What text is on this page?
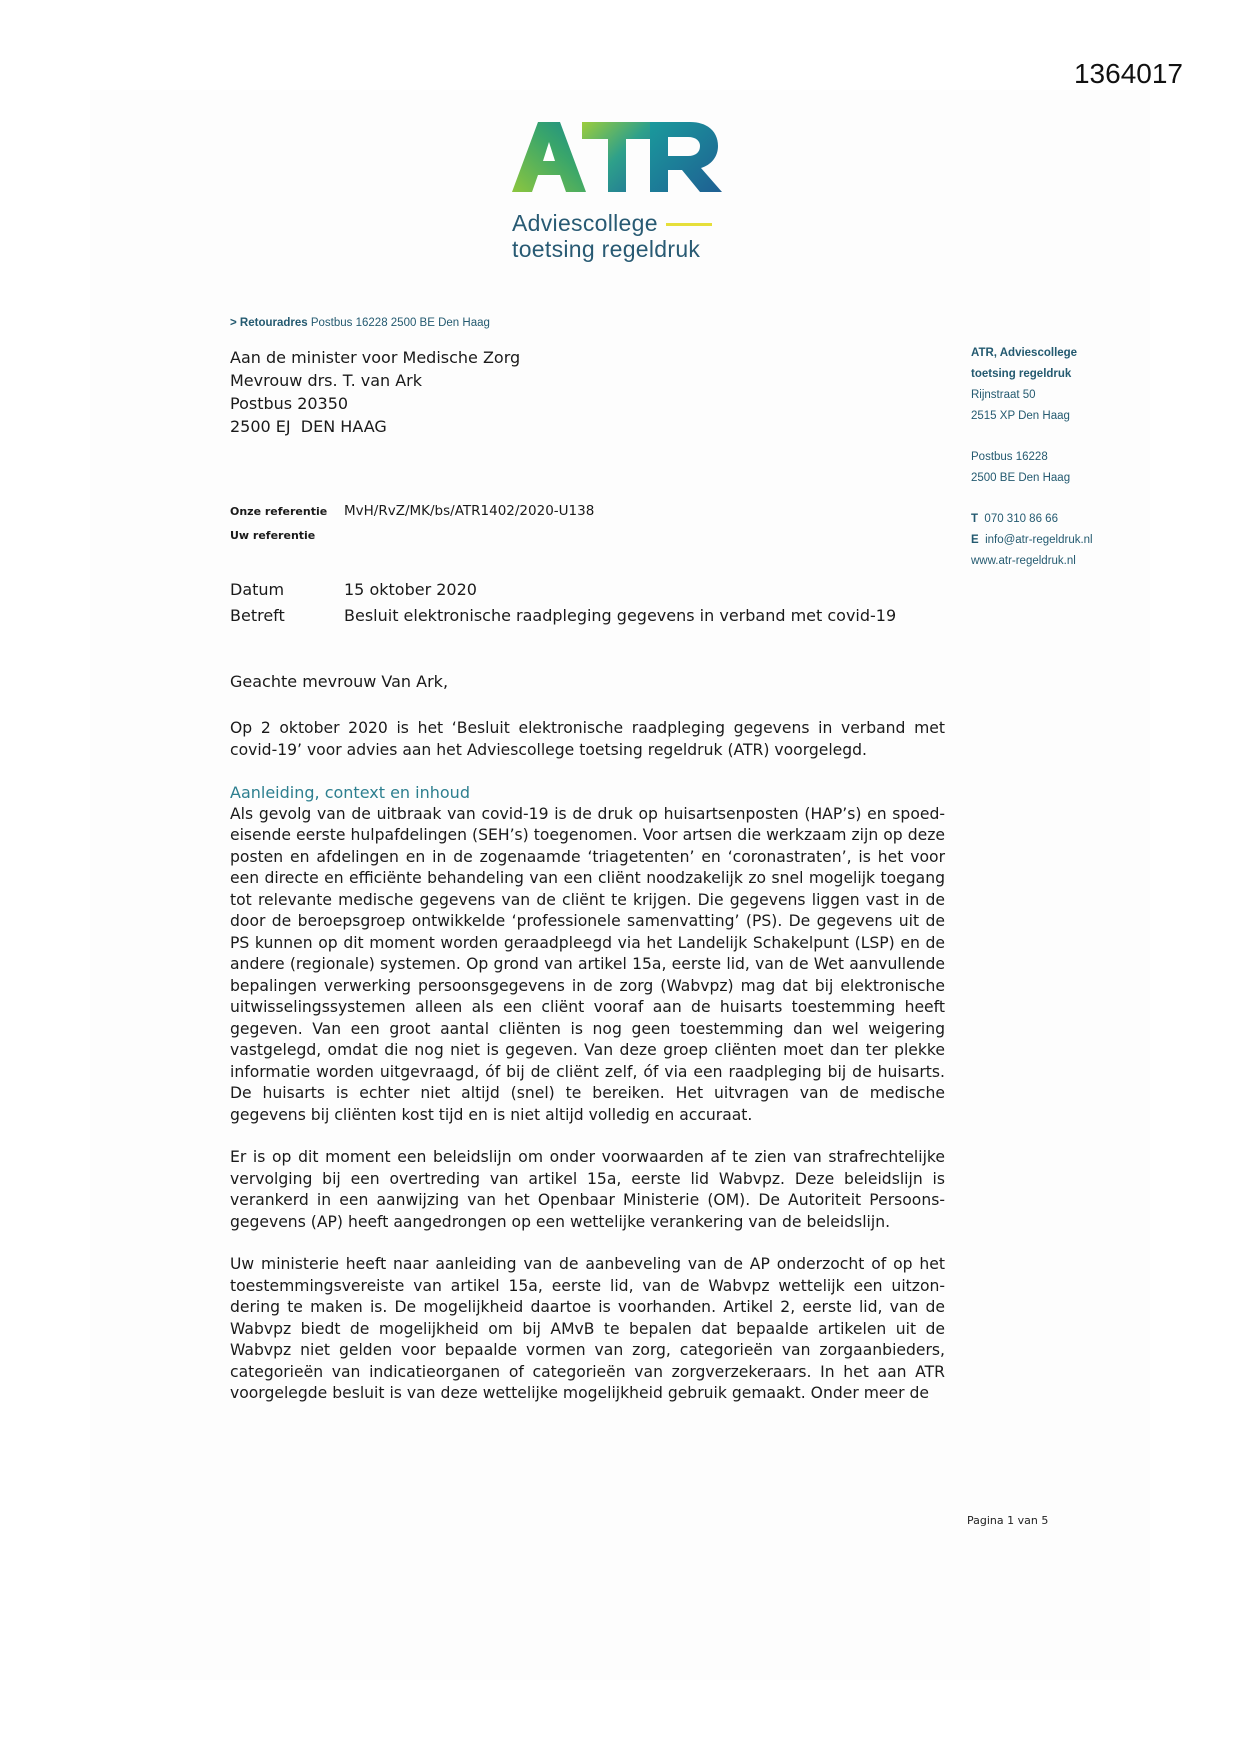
1364017
Adviescollege
toetsing regeldruk
> Retouradres Postbus 16228 2500 BE Den Haag
Aan de minister voor Medische Zorg
Mevrouw drs. T. van Ark
Postbus 20350
2500 EJ  DEN HAAG
ATR, Adviescollege
toetsing regeldruk
Rijnstraat 50
2515 XP Den Haag
Postbus 16228
2500 BE Den Haag
T 070 310 86 66
E info@atr-regeldruk.nl
www.atr-regeldruk.nl
Onze referentie	MvH/RvZ/MK/bs/ATR1402/2020-U138
Uw referentie
Datum	15 oktober 2020
Betreft	Besluit elektronische raadpleging gegevens in verband met covid-19
Geachte mevrouw Van Ark,

Op 2 oktober 2020 is het ‘Besluit elektronische raadpleging gegevens in verband met covid-19’ voor advies aan het Adviescollege toetsing regeldruk (ATR) voorgelegd.

Aanleiding, context en inhoud

Als gevolg van de uitbraak van covid-19 is de druk op huisartsenposten (HAP’s) en spoed-eisende eerste hulpafdelingen (SEH’s) toegenomen. Voor artsen die werkzaam zijn op deze posten en afdelingen en in de zogenaamde ‘triagetenten’ en ‘coronastraten’, is het voor een directe en efficiënte behandeling van een cliënt noodzakelijk zo snel mogelijk toegang tot relevante medische gegevens van de cliënt te krijgen. Die gegevens liggen vast in de door de beroepsgroep ontwikkelde ‘professionele samenvatting’ (PS). De gegevens uit de PS kunnen op dit moment worden geraadpleegd via het Landelijk Schakelpunt (LSP) en de andere (regionale) systemen. Op grond van artikel 15a, eerste lid, van de Wet aanvullende bepalingen verwerking persoonsgegevens in de zorg (Wabvpz) mag dat bij elektronische uitwisselingssystemen alleen als een cliënt vooraf aan de huisarts toestemming heeft gegeven. Van een groot aantal cliënten is nog geen toestemming dan wel weigering vastgelegd, omdat die nog niet is gegeven. Van deze groep cliënten moet dan ter plekke informatie worden uitgevraagd, óf bij de cliënt zelf, óf via een raadpleging bij de huisarts. De huisarts is echter niet altijd (snel) te bereiken. Het uitvragen van de medische gegevens bij cliënten kost tijd en is niet altijd volledig en accuraat.

Er is op dit moment een beleidslijn om onder voorwaarden af te zien van strafrechtelijke vervolging bij een overtreding van artikel 15a, eerste lid Wabvpz. Deze beleidslijn is verankerd in een aanwijzing van het Openbaar Ministerie (OM). De Autoriteit Persoons-gegevens (AP) heeft aangedrongen op een wettelijke verankering van de beleidslijn.

Uw ministerie heeft naar aanleiding van de aanbeveling van de AP onderzocht of op het toestemmingsvereiste van artikel 15a, eerste lid, van de Wabvpz wettelijk een uitzon-dering te maken is. De mogelijkheid daartoe is voorhanden. Artikel 2, eerste lid, van de Wabvpz biedt de mogelijkheid om bij AMvB te bepalen dat bepaalde artikelen uit de Wabvpz niet gelden voor bepaalde vormen van zorg, categorieën van zorgaanbieders, categorieën van indicatieorganen of categorieën van zorgverzekeraars. In het aan ATR voorgelegde besluit is van deze wettelijke mogelijkheid gebruik gemaakt. Onder meer de

Pagina 1 van 5
